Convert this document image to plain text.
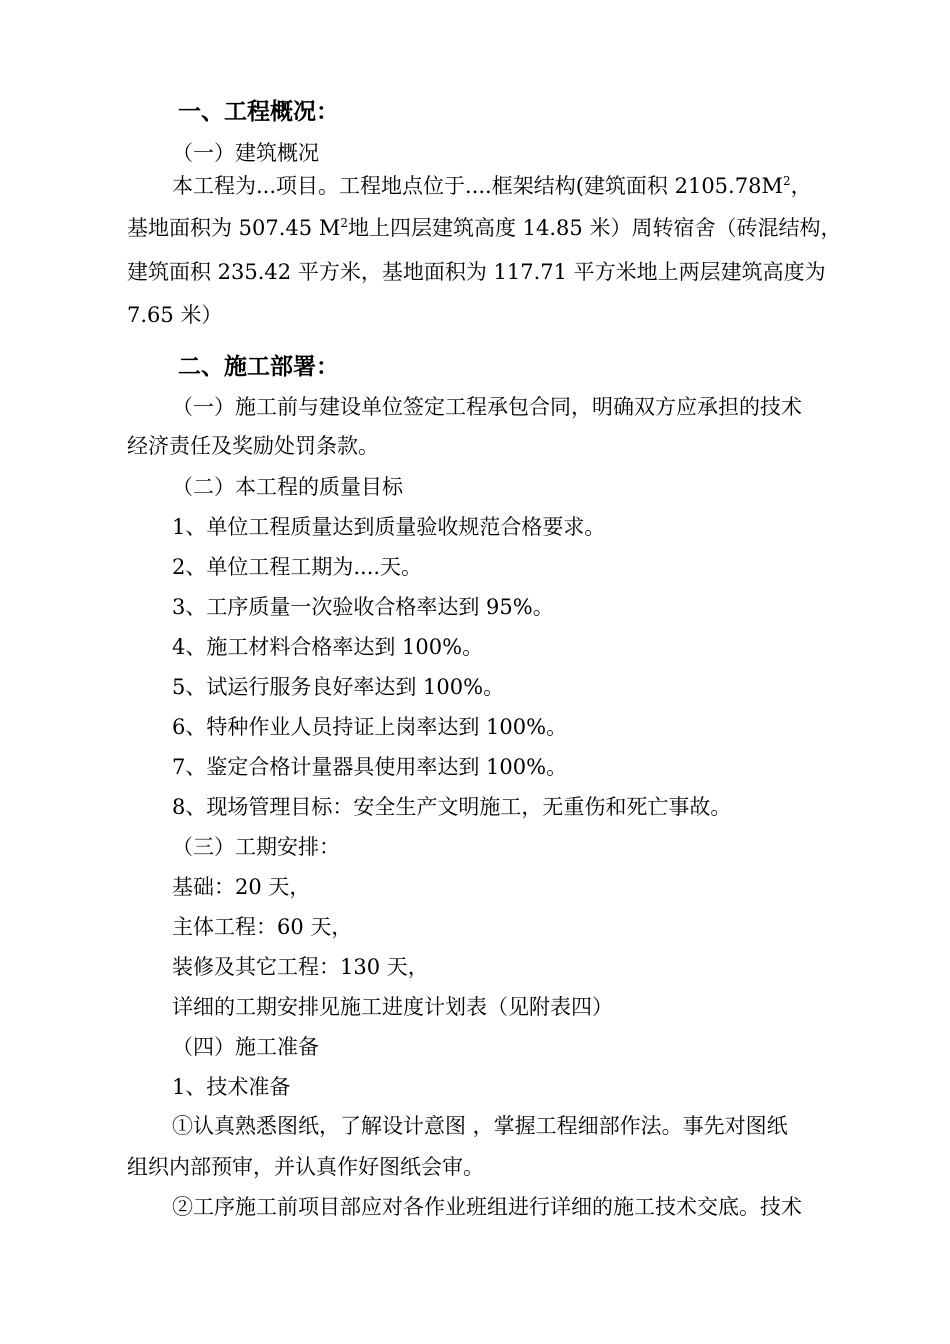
一、工程概况：
（一）建筑概况
本工程为...项目。工程地点位于....框架结构(建筑面积 $2105.78M^2$，
基地面积为 507.45 $M^2$地上四层建筑高度 14.85 米）周转宿舍（砖混结构，
建筑面积 235.42 平方米，基地面积为 117.71 平方米地上两层建筑高度为
7.65 米）
二、施工部署：
（一）施工前与建设单位签定工程承包合同，明确双方应承担的技术
经济责任及奖励处罚条款。
（二）本工程的质量目标
1、单位工程质量达到质量验收规范合格要求。
2、单位工程工期为....天。
3、工序质量一次验收合格率达到 95%。
4、施工材料合格率达到 100%。
5、试运行服务良好率达到 100%。
6、特种作业人员持证上岗率达到 100%。
7、鉴定合格计量器具使用率达到 100%。
8、现场管理目标：安全生产文明施工，无重伤和死亡事故。
（三）工期安排：
基础：20 天，
主体工程：60 天，
装修及其它工程：130 天，
详细的工期安排见施工进度计划表（见附表四）
（四）施工准备
1、技术准备
①认真熟悉图纸，了解设计意图 ，掌握工程细部作法。事先对图纸
组织内部预审，并认真作好图纸会审。
②工序施工前项目部应对各作业班组进行详细的施工技术交底。技术
